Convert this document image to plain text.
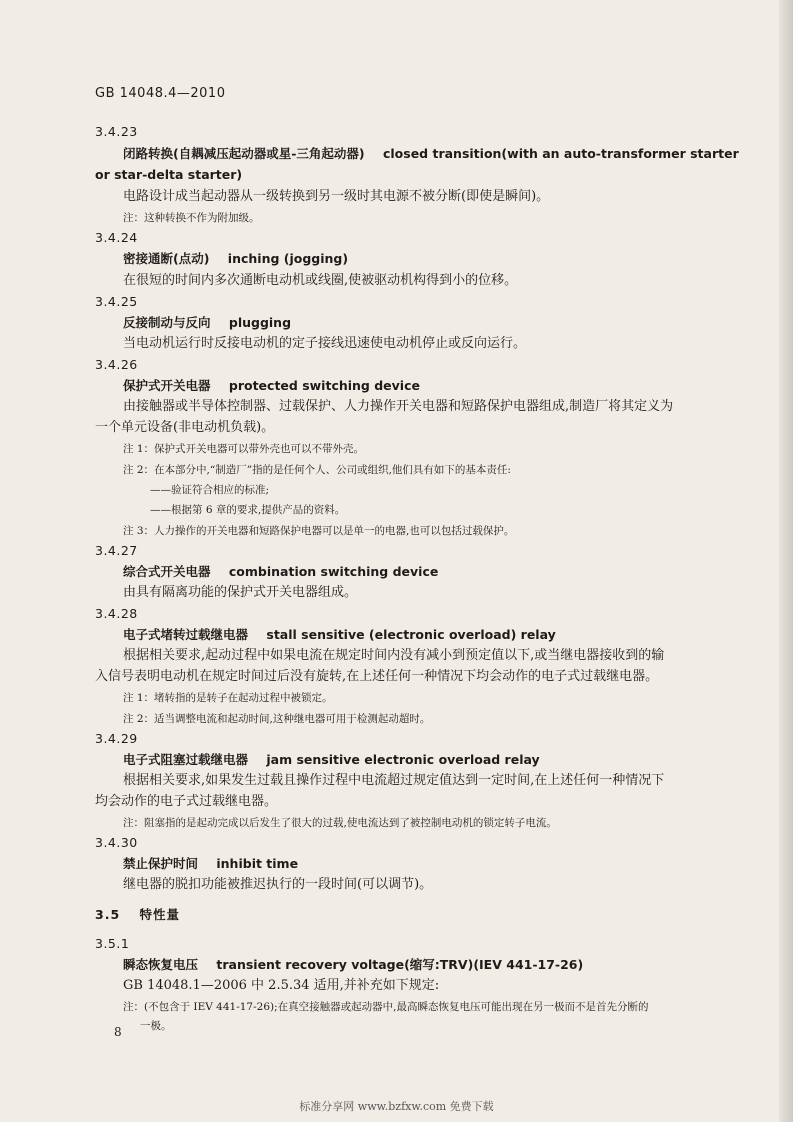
GB 14048.4—2010
3.4.23
闭路转换(自耦减压起动器或星-三角起动器) closed transition(with an auto-transformer starter
or star-delta starter)
电路设计成当起动器从一级转换到另一级时其电源不被分断(即使是瞬间)。
注：这种转换不作为附加级。
3.4.24
密接通断(点动) inching (jogging)
在很短的时间内多次通断电动机或线圈,使被驱动机构得到小的位移。
3.4.25
反接制动与反向 plugging
当电动机运行时反接电动机的定子接线迅速使电动机停止或反向运行。
3.4.26
保护式开关电器 protected switching device
由接触器或半导体控制器、过载保护、人力操作开关电器和短路保护电器组成,制造厂将其定义为
一个单元设备(非电动机负载)。
注 1：保护式开关电器可以带外壳也可以不带外壳。
注 2：在本部分中,“制造厂”指的是任何个人、公司或组织,他们具有如下的基本责任:
——验证符合相应的标准;
——根据第 6 章的要求,提供产品的资料。
注 3：人力操作的开关电器和短路保护电器可以是单一的电器,也可以包括过载保护。
3.4.27
综合式开关电器 combination switching device
由具有隔离功能的保护式开关电器组成。
3.4.28
电子式堵转过载继电器 stall sensitive (electronic overload) relay
根据相关要求,起动过程中如果电流在规定时间内没有减小到预定值以下,或当继电器接收到的输
入信号表明电动机在规定时间过后没有旋转,在上述任何一种情况下均会动作的电子式过载继电器。
注 1：堵转指的是转子在起动过程中被锁定。
注 2：适当调整电流和起动时间,这种继电器可用于检测起动超时。
3.4.29
电子式阻塞过载继电器 jam sensitive electronic overload relay
根据相关要求,如果发生过载且操作过程中电流超过规定值达到一定时间,在上述任何一种情况下
均会动作的电子式过载继电器。
注：阻塞指的是起动完成以后发生了很大的过载,使电流达到了被控制电动机的锁定转子电流。
3.4.30
禁止保护时间 inhibit time
继电器的脱扣功能被推迟执行的一段时间(可以调节)。
3.5 特性量
3.5.1
瞬态恢复电压 transient recovery voltage(缩写:TRV)(IEV 441-17-26)
GB 14048.1—2006 中 2.5.34 适用,并补充如下规定:
注：(不包含于 IEV 441-17-26);在真空接触器或起动器中,最高瞬态恢复电压可能出现在另一极而不是首先分断的
一极。
8
标准分享网 www.bzfxw.com 免费下载
